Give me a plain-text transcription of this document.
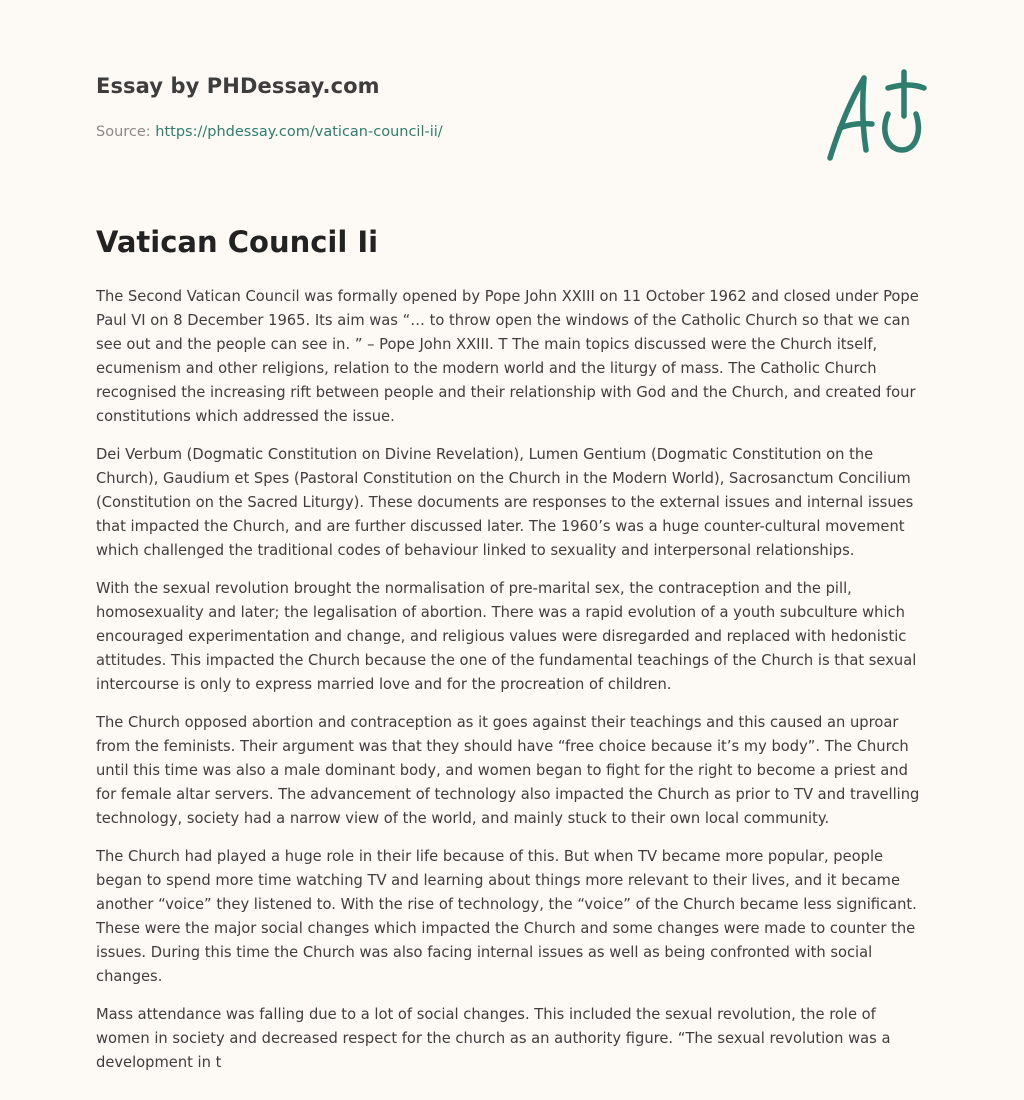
Essay by PHDessay.com
Source: https://phdessay.com/vatican-council-ii/
Vatican Council Ii

The Second Vatican Council was formally opened by Pope John XXIII on 11 October 1962 and closed under Pope Paul VI on 8 December 1965. Its aim was “… to throw open the windows of the Catholic Church so that we can see out and the people can see in. ” – Pope John XXIII. T The main topics discussed were the Church itself, ecumenism and other religions, relation to the modern world and the liturgy of mass. The Catholic Church recognised the increasing rift between people and their relationship with God and the Church, and created four constitutions which addressed the issue.

Dei Verbum (Dogmatic Constitution on Divine Revelation), Lumen Gentium (Dogmatic Constitution on the Church), Gaudium et Spes (Pastoral Constitution on the Church in the Modern World), Sacrosanctum Concilium (Constitution on the Sacred Liturgy). These documents are responses to the external issues and internal issues that impacted the Church, and are further discussed later. The 1960’s was a huge counter-cultural movement which challenged the traditional codes of behaviour linked to sexuality and interpersonal relationships.

With the sexual revolution brought the normalisation of pre-marital sex, the contraception and the pill, homosexuality and later; the legalisation of abortion. There was a rapid evolution of a youth subculture which encouraged experimentation and change, and religious values were disregarded and replaced with hedonistic attitudes. This impacted the Church because the one of the fundamental teachings of the Church is that sexual intercourse is only to express married love and for the procreation of children.

The Church opposed abortion and contraception as it goes against their teachings and this caused an uproar from the feminists. Their argument was that they should have “free choice because it’s my body”. The Church until this time was also a male dominant body, and women began to fight for the right to become a priest and for female altar servers. The advancement of technology also impacted the Church as prior to TV and travelling technology, society had a narrow view of the world, and mainly stuck to their own local community.

The Church had played a huge role in their life because of this. But when TV became more popular, people began to spend more time watching TV and learning about things more relevant to their lives, and it became another “voice” they listened to. With the rise of technology, the “voice” of the Church became less significant. These were the major social changes which impacted the Church and some changes were made to counter the issues. During this time the Church was also facing internal issues as well as being confronted with social changes.

Mass attendance was falling due to a lot of social changes. This included the sexual revolution, the role of women in society and decreased respect for the church as an authority figure. “The sexual revolution was a development in t
